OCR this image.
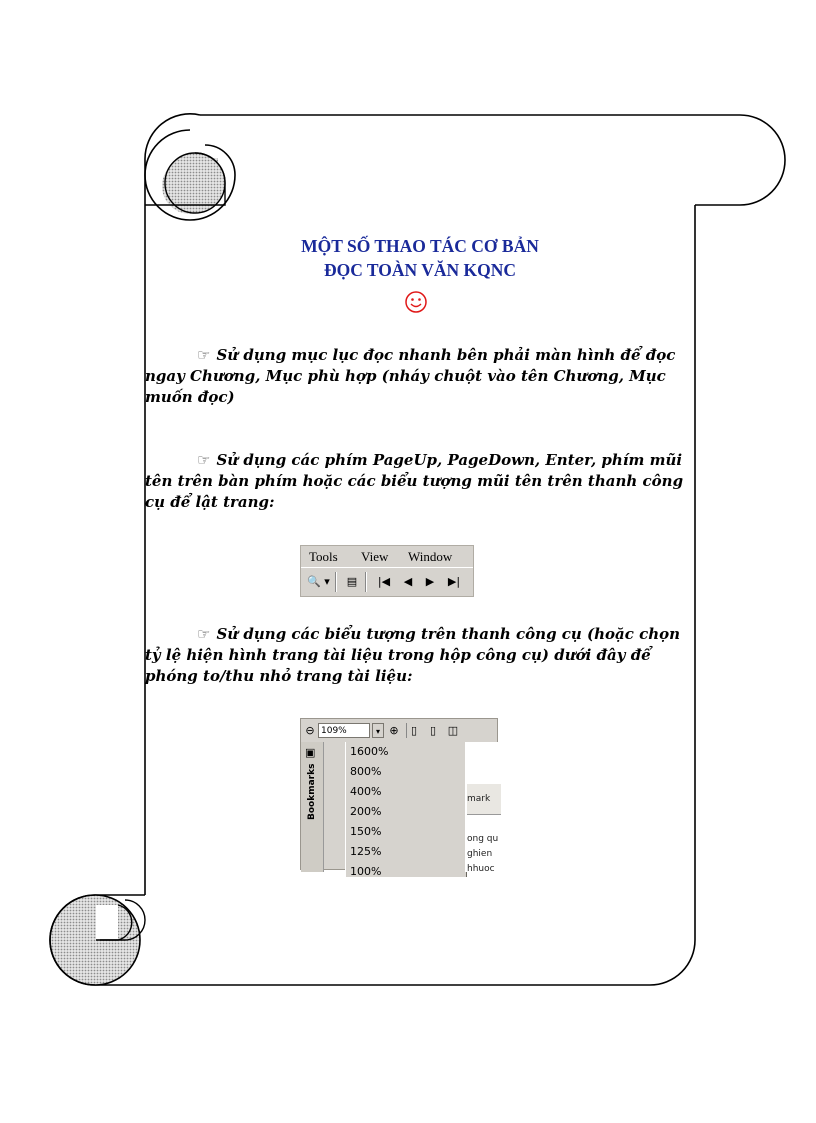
MỘT SỐ THAO TÁC CƠ BẢN
ĐỌC TOÀN VĂN KQNC
☞ Sử dụng mục lục đọc nhanh bên phải màn hình để đọc ngay Chương, Mục phù hợp (nháy chuột vào tên Chương, Mục muốn đọc)
☞ Sử dụng các phím PageUp, PageDown, Enter, phím mũi tên trên bàn phím hoặc các biểu tượng mũi tên trên thanh công cụ để lật trang:
Tools View Window
🔍 ▾	▤	|◀	◀	▶	▶|
☞ Sử dụng các biểu tượng trên thanh công cụ (hoặc chọn tỷ lệ hiện hình trang tài liệu trong hộp công cụ) dưới đây để phóng to/thu nhỏ trang tài liệu:
⊖ 109%	▾ ⊕	▯	▯	◫
▣
Bookmarks
1600%
800%
400%
200%
150%
125%
100%
mark
ong qu
ghien
hhuoc
